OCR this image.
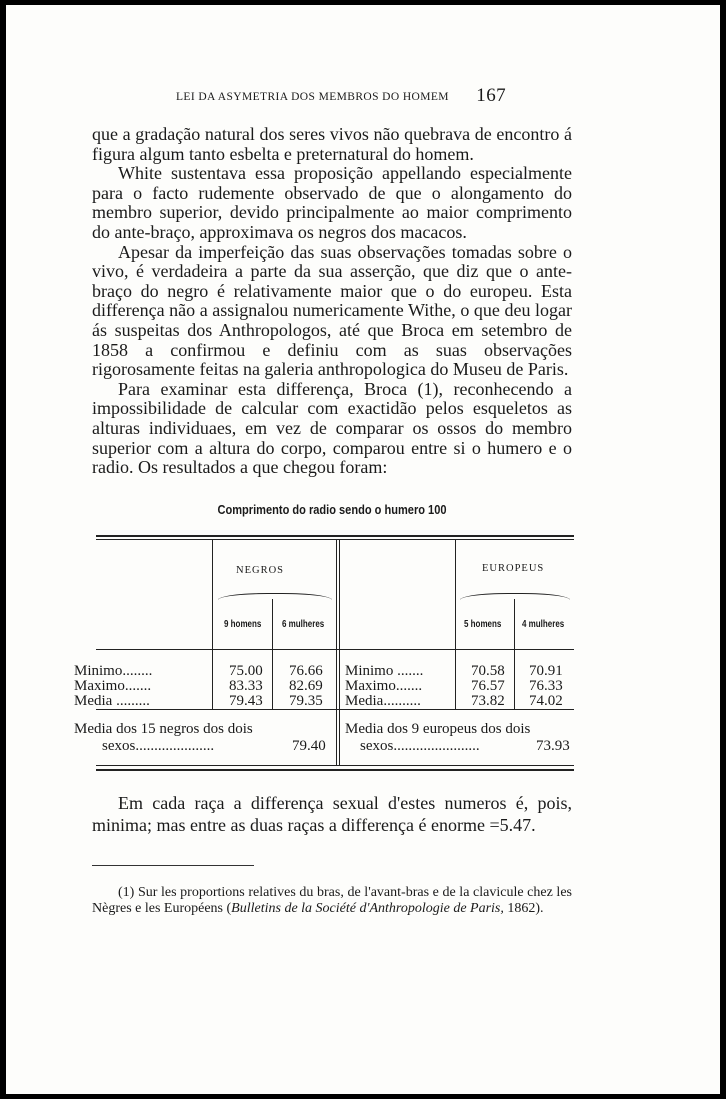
LEI DA ASYMETRIA DOS MEMBROS DO HOMEM 167

que a gradação natural dos seres vivos não quebrava de encontro á figura algum tanto esbelta e preternatural do homem.

White sustentava essa proposição appellando especialmente para o facto rudemente observado de que o alongamento do membro superior, devido principalmente ao maior comprimento do ante-braço, approximava os negros dos macacos.

Apesar da imperfeição das suas observações tomadas sobre o vivo, é verdadeira a parte da sua asserção, que diz que o ante-braço do negro é relativamente maior que o do europeu. Esta differença não a assignalou numericamente Withe, o que deu logar ás suspeitas dos Anthropologos, até que Broca em setembro de 1858 a confirmou e definiu com as suas observações rigorosamente feitas na galeria anthropologica do Museu de Paris.

Para examinar esta differença, Broca (1), reconhecendo a impossibilidade de calcular com exactidão pelos esqueletos as alturas individuaes, em vez de comparar os ossos do membro superior com a altura do corpo, comparou entre si o humero e o radio. Os resultados a que chegou foram:

Comprimento do radio sendo o humero 100
NEGROS	EUROPEUS
9 homens 6 mulheres	5 homens 4 mulheres
Minimo........	75.00 76.66
Maximo.......	83.33 82.69
Media .........	79.43 79.35
Minimo .......	70.58 70.91
Maximo.......	76.57 76.33
Media..........	73.82 74.02
Media dos 15 negros dos dois
sexos.....................	79.40
Media dos 9 europeus dos dois
sexos.......................	73.93
Em cada raça a differença sexual d'estes numeros é, pois, minima; mas entre as duas raças a differença é enorme =5.47.
(1) Sur les proportions relatives du bras, de l'avant-bras e de la clavicule chez les Nègres e les Européens (Bulletins de la Société d'Anthropologie de Paris, 1862).
